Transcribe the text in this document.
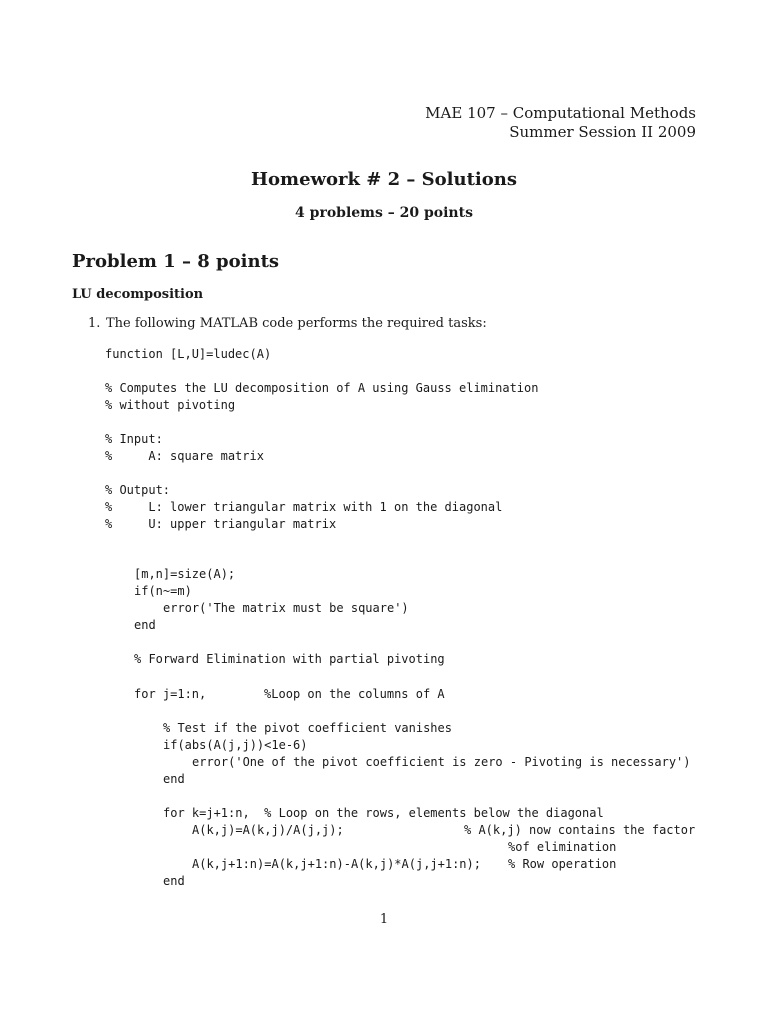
MAE 107 – Computational Methods
Summer Session II 2009
Homework # 2 – Solutions
4 problems – 20 points
Problem 1 – 8 points
LU decomposition
1. The following MATLAB code performs the required tasks:
function [L,U]=ludec(A)
% Computes the LU decomposition of A using Gauss elimination
% without pivoting
% Input:
%     A: square matrix
% Output:
%     L: lower triangular matrix with 1 on the diagonal
%     U: upper triangular matrix
[m,n]=size(A);
if(n~=m)
error('The matrix must be square')
end
% Forward Elimination with partial pivoting
for j=1:n,        %Loop on the columns of A
% Test if the pivot coefficient vanishes
if(abs(A(j,j))<1e-6)
error('One of the pivot coefficient is zero - Pivoting is necessary')
end
for k=j+1:n,  % Loop on the rows, elements below the diagonal
A(k,j)=A(k,j)/A(j,j);	% A(k,j) now contains the factor
%of elimination
A(k,j+1:n)=A(k,j+1:n)-A(k,j)*A(j,j+1:n); % Row operation
end
1
